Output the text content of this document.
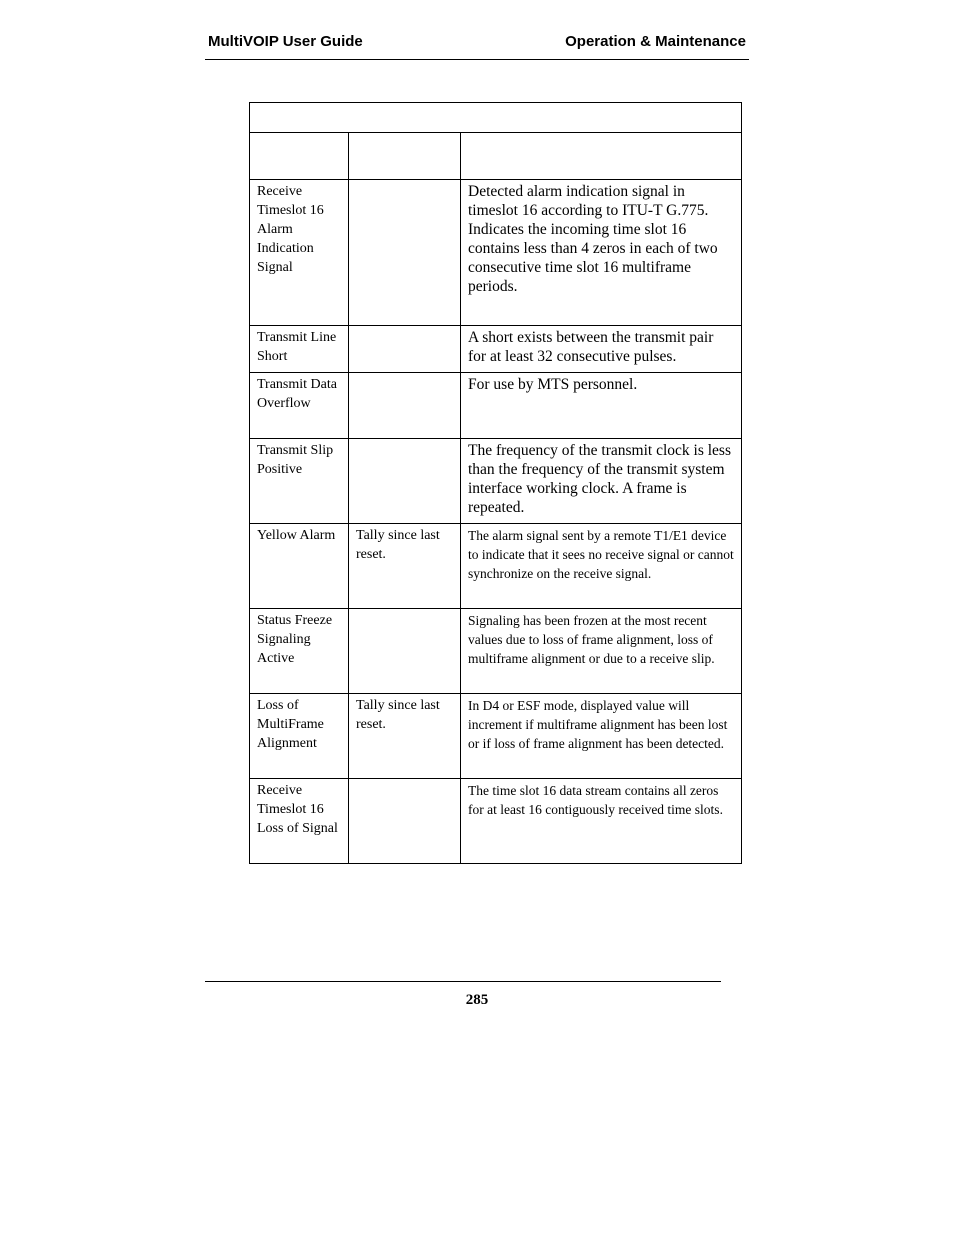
MultiVOIP User Guide	Operation & Maintenance

Receive Timeslot 16 Alarm Indication Signal		Detected alarm indication signal in timeslot 16 according to ITU-T G.775. Indicates the incoming time slot 16 contains less than 4 zeros in each of two consecutive time slot 16 multiframe periods.
Transmit Line Short		A short exists between the transmit pair for at least 32 consecutive pulses.
Transmit Data Overflow		For use by MTS personnel.
Transmit Slip Positive		The frequency of the transmit clock is less than the frequency of the transmit system interface working clock. A frame is repeated.
Yellow Alarm	Tally since last reset.	The alarm signal sent by a remote T1/E1 device to indicate that it sees no receive signal or cannot synchronize on the receive signal.
Status Freeze Signaling Active		Signaling has been frozen at the most recent values due to loss of frame alignment, loss of multiframe alignment or due to a receive slip.
Loss of MultiFrame Alignment	Tally since last reset.	In D4 or ESF mode, displayed value will increment if multiframe alignment has been lost or if loss of frame alignment has been detected.
Receive Timeslot 16 Loss of Signal		The time slot 16 data stream contains all zeros for at least 16 contiguously received time slots.
285
